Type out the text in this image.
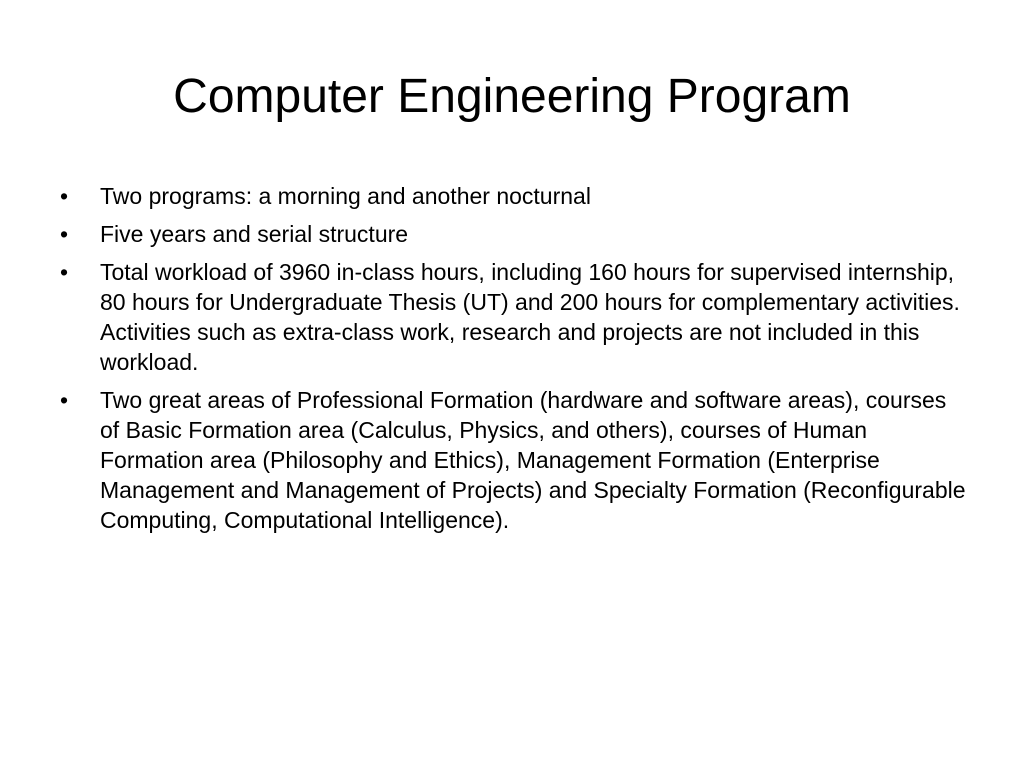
Computer Engineering Program
•	Two programs: a morning and another nocturnal
•	Five years and serial structure
•	Total workload of 3960 in-class hours, including 160 hours for supervised internship, 80 hours for Undergraduate Thesis (UT) and 200 hours for complementary activities. Activities such as extra-class work, research and projects are not included in this workload.
•	Two great areas of Professional Formation (hardware and software areas), courses of Basic Formation area (Calculus, Physics, and others), courses of Human Formation area (Philosophy and Ethics), Management Formation (Enterprise Management and Management of Projects) and Specialty Formation (Reconfigurable Computing, Computational Intelligence).
